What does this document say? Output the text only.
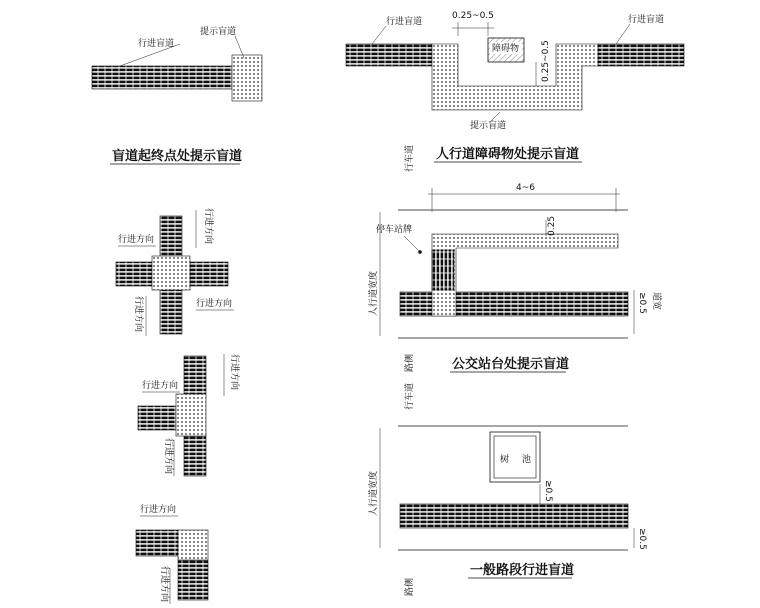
行进盲道
提示盲道
盲道起终点处提示盲道
障碍物
0.25~0.5
0.25~0.5
行进盲道	行进盲道
提示盲道
人行道障碍物处提示盲道
行进方向	行进方向
行进方向	行进方向
行进方向	行进方向
行进方向
行进方向
行进方向
4~6
行车道
0.25
停车站牌
人行道宽度	≥0.5 道宽
路侧	公交站台处提示盲道
行车道
树 池
≥0.5
人行道宽度
≥0.5
路侧
一般路段行进盲道
